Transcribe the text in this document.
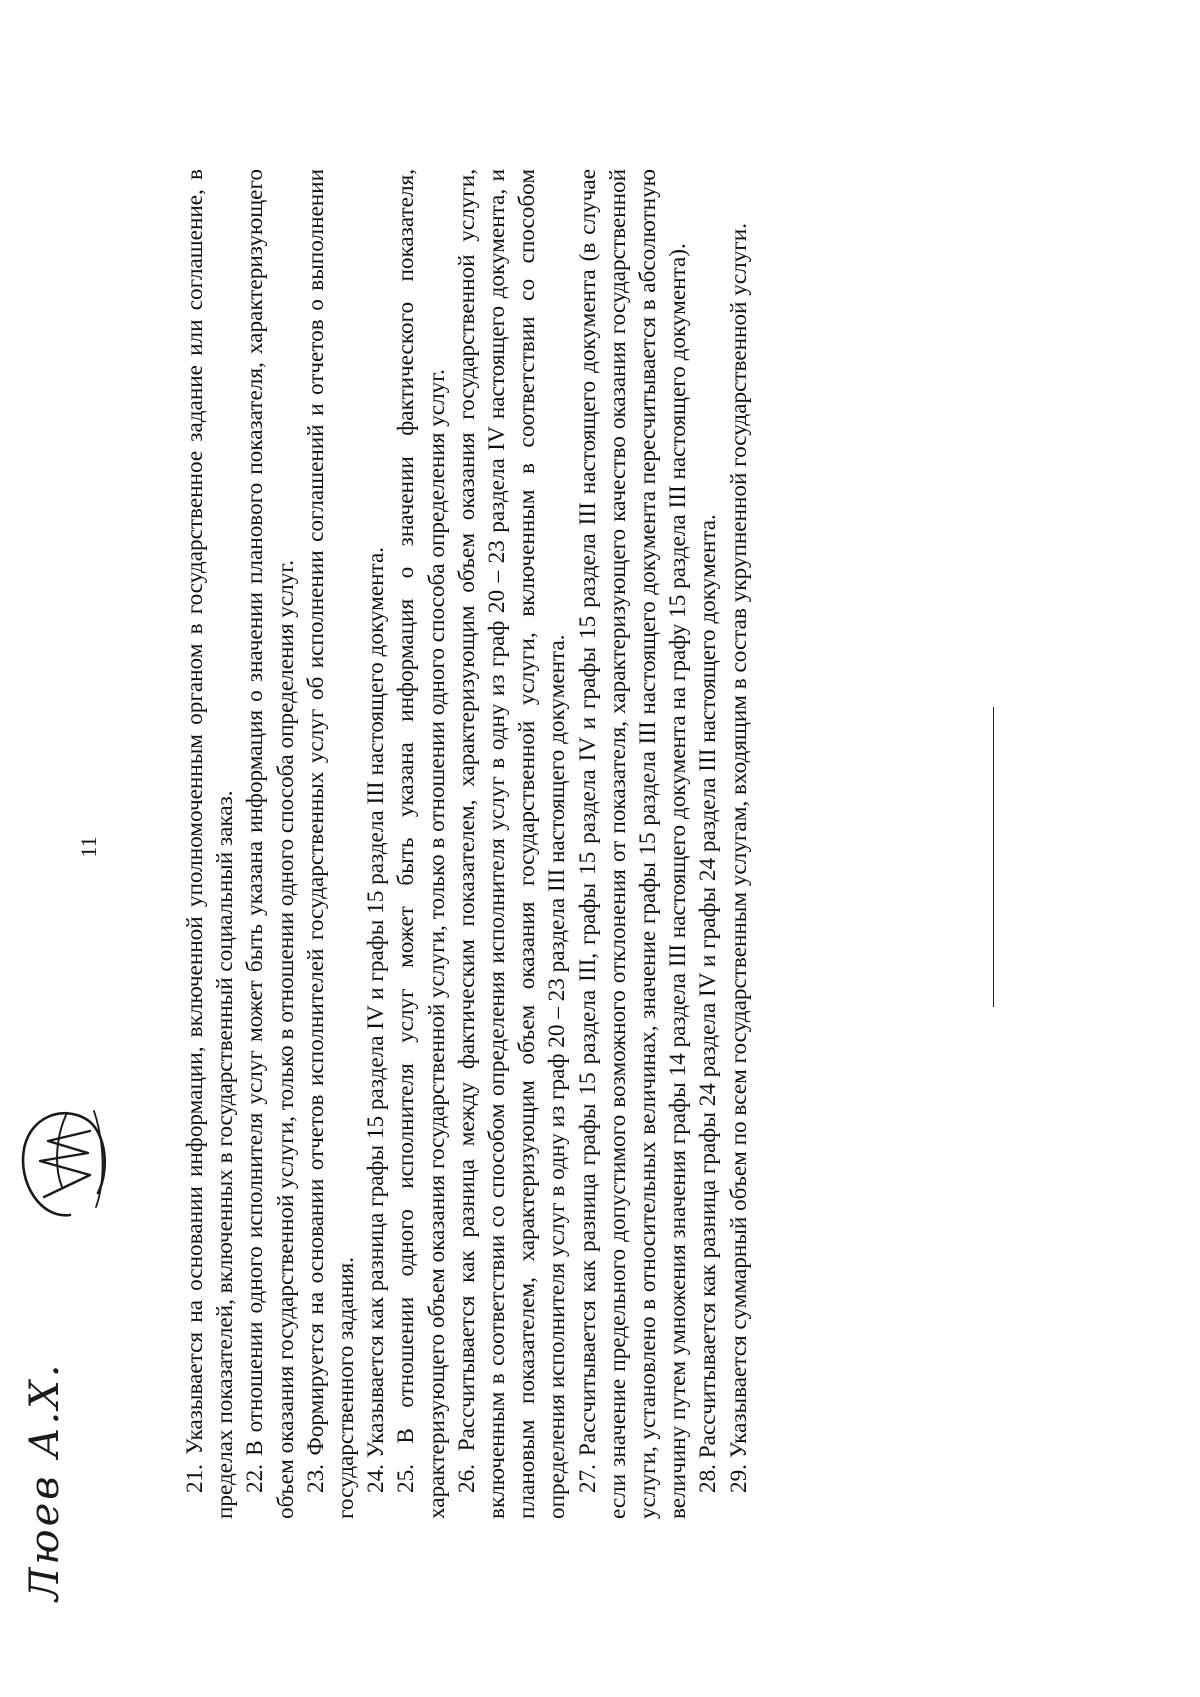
11	21. Указывается на основании информации, включенной уполномоченным органом в государственное задание или соглашение, в пределах показателей, включенных в государственный социальный заказ. 22. В отношении одного исполнителя услуг может быть указана информация о значении планового показателя, характеризующего объем оказания государственной услуги, только в отношении одного способа определения услуг. 23. Формируется на основании отчетов исполнителей государственных услуг об исполнении соглашений и отчетов о выполнении государственного задания. 24. Указывается как разница графы 15 раздела IV и графы 15 раздела III настоящего документа. 25. В отношении одного исполнителя услуг может быть указана информация о значении фактического показателя, характеризующего объем оказания государственной услуги, только в отношении одного способа определения услуг. 26. Рассчитывается как разница между фактическим показателем, характеризующим объем оказания государственной услуги, включенным в соответствии со способом определения исполнителя услуг в одну из граф 20 – 23 раздела IV настоящего документа, и плановым показателем, характеризующим объем оказания государственной услуги, включенным в соответствии со способом определения исполнителя услуг в одну из граф 20 – 23 раздела III настоящего документа. 27. Рассчитывается как разница графы 15 раздела III, графы 15 раздела IV и графы 15 раздела III настоящего документа (в случае если значение предельного допустимого возможного отклонения от показателя, характеризующего качество оказания государственной услуги, установлено в относительных величинах, значение графы 15 раздела III настоящего документа пересчитывается в абсолютную величину путем умножения значения графы 14 раздела III настоящего документа на графу 15 раздела III настоящего документа). 28. Рассчитывается как разница графы 24 раздела IV и графы 24 раздела III настоящего документа. 29. Указывается суммарный объем по всем государственным услугам, входящим в состав укрупненной государственной услуги.

Люев А.Х.
